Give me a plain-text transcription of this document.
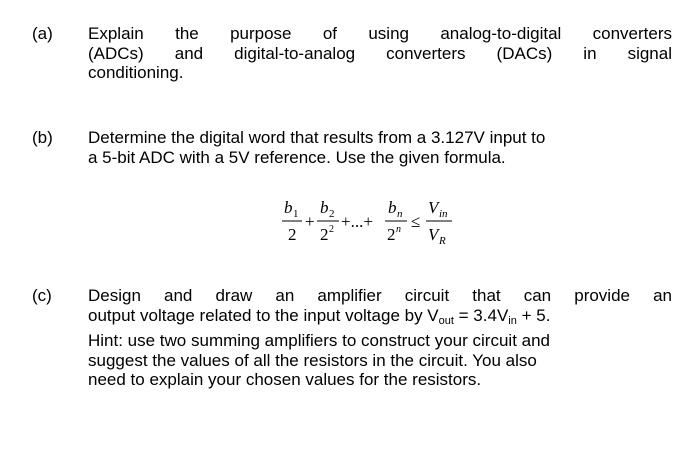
(a)	Explain the purpose of using analog-to-digital converters
(ADCs) and digital-to-analog converters (DACs) in signal
conditioning.
(b)	Determine the digital word that results from a 3.127V input to
a 5-bit ADC with a 5V reference. Use the given formula.
b 1
2
+
b 2
2 2 +...+
b n
2 n ≤
V in
V R
(c)	Design and draw an amplifier circuit that can provide an
output voltage related to the input voltage by $V_{out} = 3.4V_{in} + 5$.
Hint: use two summing amplifiers to construct your circuit and
suggest the values of all the resistors in the circuit. You also
need to explain your chosen values for the resistors.
